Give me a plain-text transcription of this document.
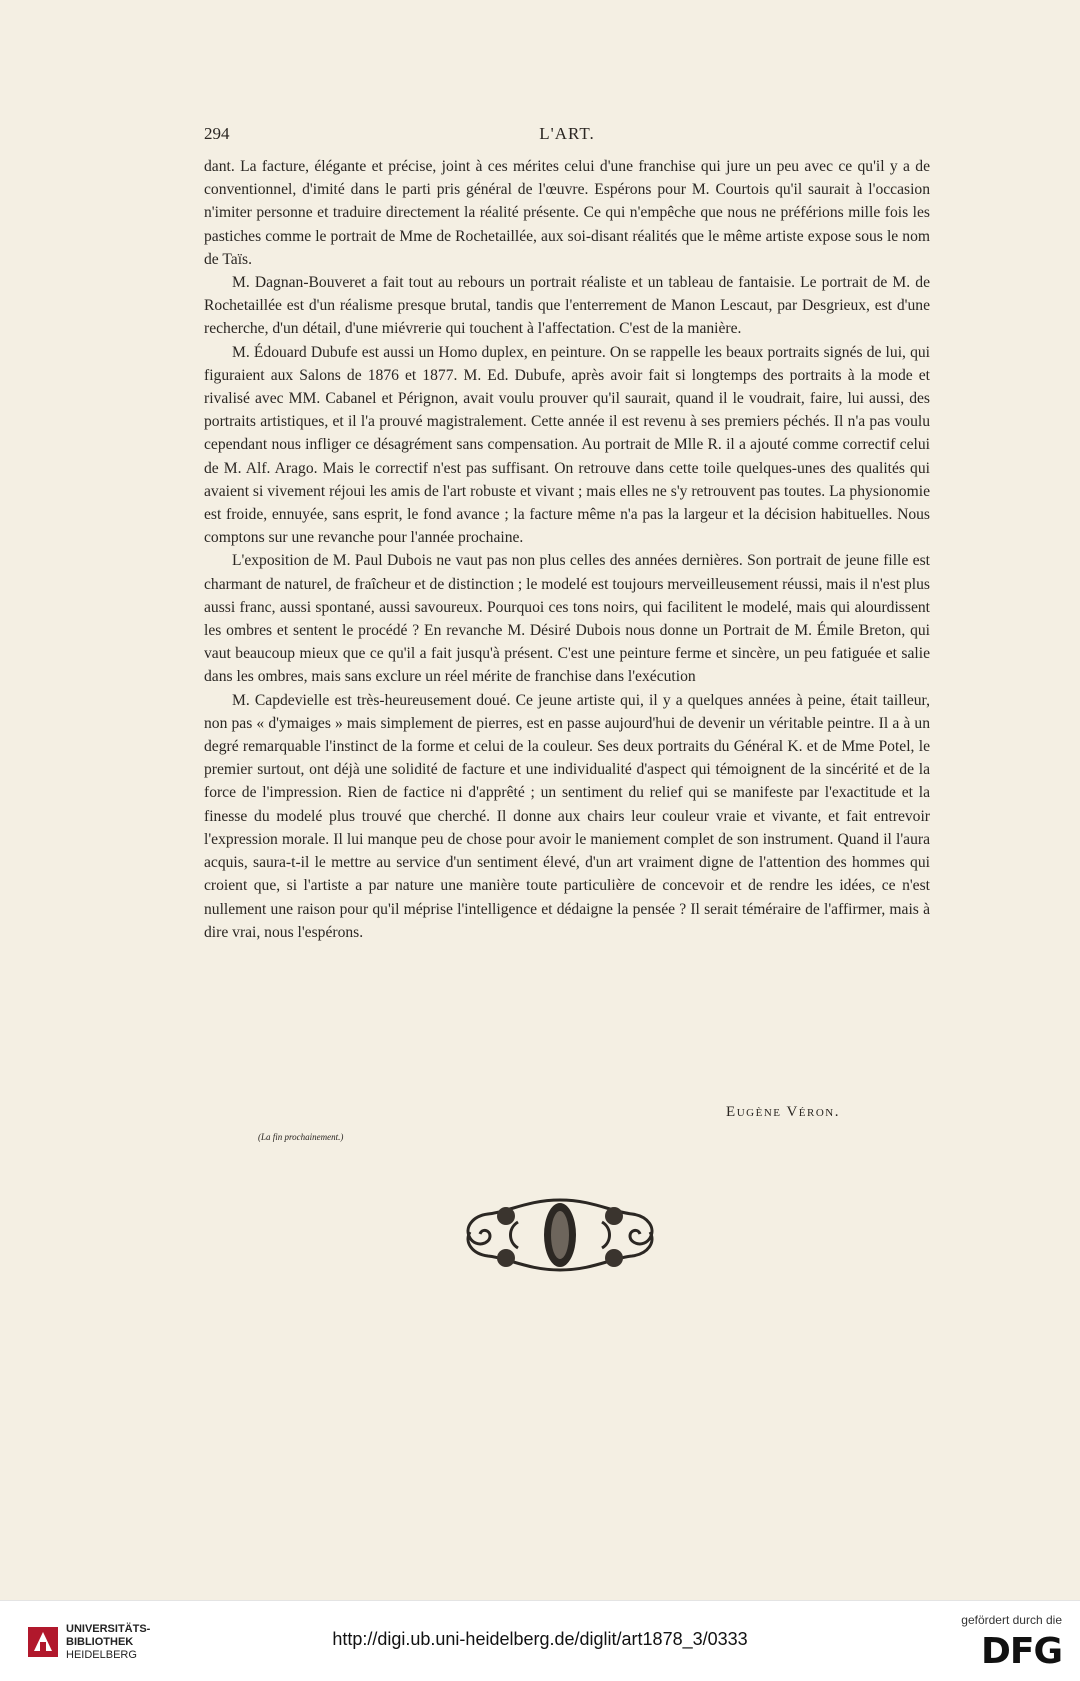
294	L'ART.

dant. La facture, élégante et précise, joint à ces mérites celui d'une franchise qui jure un peu avec ce qu'il y a de conventionnel, d'imité dans le parti pris général de l'œuvre. Espérons pour M. Courtois qu'il saurait à l'occasion n'imiter personne et traduire directement la réalité présente. Ce qui n'empêche que nous ne préférions mille fois les pastiches comme le portrait de Mme de Rochetaillée, aux soi-disant réalités que le même artiste expose sous le nom de Taïs.

M. Dagnan-Bouveret a fait tout au rebours un portrait réaliste et un tableau de fantaisie. Le portrait de M. de Rochetaillée est d'un réalisme presque brutal, tandis que l'enterrement de Manon Lescaut, par Desgrieux, est d'une recherche, d'un détail, d'une miévrerie qui touchent à l'affectation. C'est de la manière.

M. Édouard Dubufe est aussi un Homo duplex, en peinture. On se rappelle les beaux portraits signés de lui, qui figuraient aux Salons de 1876 et 1877. M. Ed. Dubufe, après avoir fait si longtemps des portraits à la mode et rivalisé avec MM. Cabanel et Pérignon, avait voulu prouver qu'il saurait, quand il le voudrait, faire, lui aussi, des portraits artistiques, et il l'a prouvé magistralement. Cette année il est revenu à ses premiers péchés. Il n'a pas voulu cependant nous infliger ce désagrément sans compensation. Au portrait de Mlle R. il a ajouté comme correctif celui de M. Alf. Arago. Mais le correctif n'est pas suffisant. On retrouve dans cette toile quelques-unes des qualités qui avaient si vivement réjoui les amis de l'art robuste et vivant ; mais elles ne s'y retrouvent pas toutes. La physionomie est froide, ennuyée, sans esprit, le fond avance ; la facture même n'a pas la largeur et la décision habituelles. Nous comptons sur une revanche pour l'année prochaine.

L'exposition de M. Paul Dubois ne vaut pas non plus celles des années dernières. Son portrait de jeune fille est charmant de naturel, de fraîcheur et de distinction ; le modelé est toujours merveilleusement réussi, mais il n'est plus aussi franc, aussi spontané, aussi savoureux. Pourquoi ces tons noirs, qui facilitent le modelé, mais qui alourdissent les ombres et sentent le procédé ? En revanche M. Désiré Dubois nous donne un Portrait de M. Émile Breton, qui vaut beaucoup mieux que ce qu'il a fait jusqu'à présent. C'est une peinture ferme et sincère, un peu fatiguée et salie dans les ombres, mais sans exclure un réel mérite de franchise dans l'exécution

M. Capdevielle est très-heureusement doué. Ce jeune artiste qui, il y a quelques années à peine, était tailleur, non pas « d'ymaiges » mais simplement de pierres, est en passe aujourd'hui de devenir un véritable peintre. Il a à un degré remarquable l'instinct de la forme et celui de la couleur. Ses deux portraits du Général K. et de Mme Potel, le premier surtout, ont déjà une solidité de facture et une individualité d'aspect qui témoignent de la sincérité et de la force de l'impression. Rien de factice ni d'apprêté ; un sentiment du relief qui se manifeste par l'exactitude et la finesse du modelé plus trouvé que cherché. Il donne aux chairs leur couleur vraie et vivante, et fait entrevoir l'expression morale. Il lui manque peu de chose pour avoir le maniement complet de son instrument. Quand il l'aura acquis, saura-t-il le mettre au service d'un sentiment élevé, d'un art vraiment digne de l'attention des hommes qui croient que, si l'artiste a par nature une manière toute particulière de concevoir et de rendre les idées, ce n'est nullement une raison pour qu'il méprise l'intelligence et dédaigne la pensée ? Il serait téméraire de l'affirmer, mais à dire vrai, nous l'espérons.

Eugène Véron.
(La fin prochainement.)
UNIVERSITÄTS-
BIBLIOTHEK
HEIDELBERG
http://digi.ub.uni-heidelberg.de/diglit/art1878_3/0333
gefördert durch die
DFG
